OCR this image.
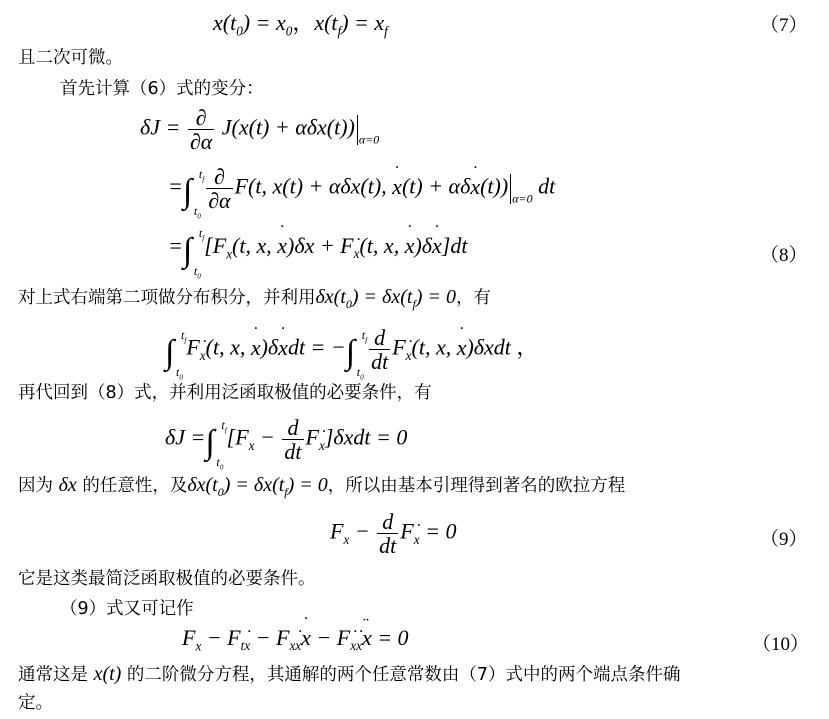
$x(t_0) = x_0$，$x(t_f) = x_f$	（7）
且二次可微。
首先计算（6）式的变分：
$\delta J = \frac{\partial}{\partial\alpha} J(x(t) + \alpha\delta x(t))$ $_{\alpha=0}$
=∫ $t_f$
$t_0$
$\frac{\partial}{\partial\alpha} F(t$, x(t) + αδx(t), x ˙(t) + αδx ˙(t)) $_{\alpha=0}$ dt
=∫ $t_f$
$t_0$
[$F_x(t$, x, x ˙)δx + $F_x$ ˙(t, x, x ˙)δx ˙]dt	（8）
对上式右端第二项做分布积分，并利用$\delta x(t_0) = \delta x(t_f) = 0$，有
∫ $t_f$
$t_0$
$F_x$ ˙(t, x, x ˙)δx ˙dt = −∫ $t_f$
$t_0$
$\frac{d}{dt} F_x$ ˙(t, x, x ˙)δxdt ，
再代回到（8）式，并利用泛函取极值的必要条件，有
δJ =∫ $t_f$
$t_0$
[$F_x - \frac{d}{dt} F_x$ ˙]δxdt = 0
因为 δx 的任意性，及$\delta x(t_0) = \delta x(t_f) = 0$，所以由基本引理得到著名的欧拉方程
$F_x - \frac{d}{dt} F_x$ ˙ = 0	（9）
它是这类最简泛函取极值的必要条件。
（9）式又可记作
$F_x - F_{tx}$ ˙ − $F_{xx}$ ˙x ˙ − $F_{x ˙x}$ ˙x ¨ = 0	（10）
通常这是 x(t) 的二阶微分方程，其通解的两个任意常数由（7）式中的两个端点条件确
定。
